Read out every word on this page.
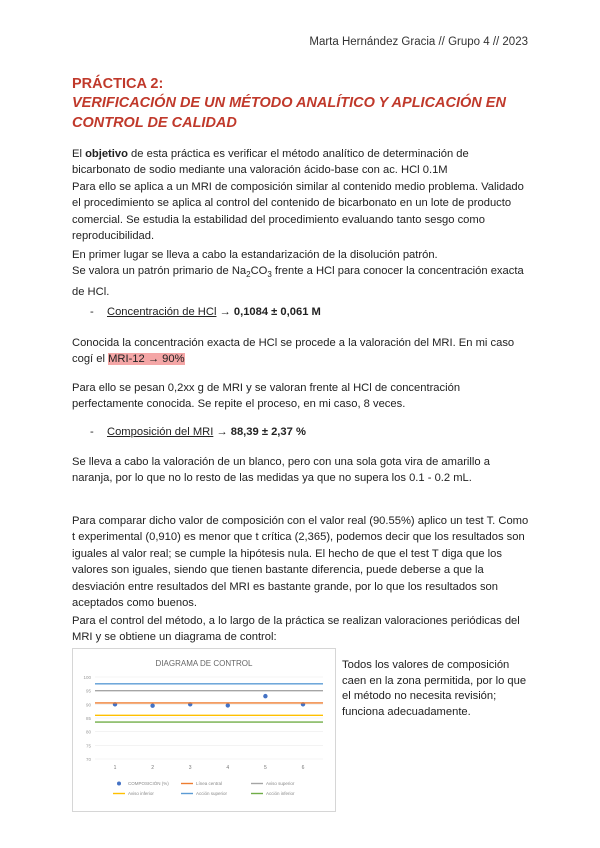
Marta Hernández Gracia // Grupo 4 // 2023
PRÁCTICA 2:
VERIFICACIÓN DE UN MÉTODO ANALÍTICO Y APLICACIÓN EN CONTROL DE CALIDAD
El objetivo de esta práctica es verificar el método analítico de determinación de bicarbonato de sodio mediante una valoración ácido-base con ac. HCl 0.1M
Para ello se aplica a un MRI de composición similar al contenido medio problema. Validado el procedimiento se aplica al control del contenido de bicarbonato en un lote de producto comercial. Se estudia la estabilidad del procedimiento evaluando tanto sesgo como reproducibilidad.
En primer lugar se lleva a cabo la estandarización de la disolución patrón.
Se valora un patrón primario de $Na_2CO_3$ frente a HCl para conocer la concentración exacta de HCl.
- Concentración de HCl → 0,1084 ± 0,061 M
Conocida la concentración exacta de HCl se procede a la valoración del MRI. En mi caso cogí el MRI-12 → 90%
Para ello se pesan 0,2xx g de MRI y se valoran frente al HCl de concentración perfectamente conocida. Se repite el proceso, en mi caso, 8 veces.
- Composición del MRI → 88,39 ± 2,37 %
Se lleva a cabo la valoración de un blanco, pero con una sola gota vira de amarillo a naranja, por lo que no lo resto de las medidas ya que no supera los 0.1 - 0.2 mL.
Para comparar dicho valor de composición con el valor real (90.55%) aplico un test T. Como t experimental (0,910) es menor que t crítica (2,365), podemos decir que los resultados son iguales al valor real; se cumple la hipótesis nula. El hecho de que el test T diga que los valores son iguales, siendo que tienen bastante diferencia, puede deberse a que la desviación entre resultados del MRI es bastante grande, por lo que los resultados son aceptados como buenos.
Para el control del método, a lo largo de la práctica se realizan valoraciones periódicas del MRI y se obtiene un diagrama de control:
DIAGRAMA DE CONTROL
70
75
80
85
90
95
100
1	2	3	4	5	6
COMPOSICIÓN (%)	Línea central	Aviso superior
Aviso inferior	Acción superior	Acción inferior
Todos los valores de composición caen en la zona permitida, por lo que el método no necesita revisión; funciona adecuadamente.
